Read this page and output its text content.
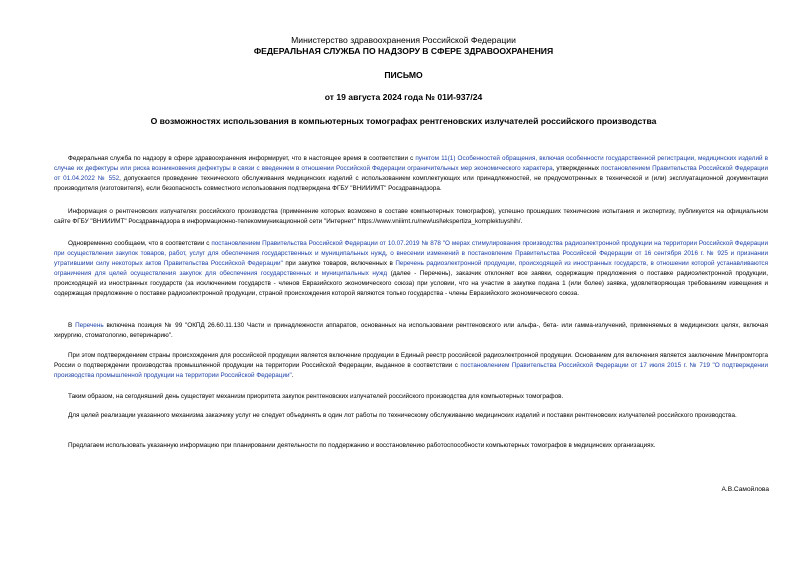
Министерство здравоохранения Российской Федерации
ФЕДЕРАЛЬНАЯ СЛУЖБА ПО НАДЗОРУ В СФЕРЕ ЗДРАВООХРАНЕНИЯ
ПИСЬМО
от 19 августа 2024 года № 01И-937/24
О возможностях использования в компьютерных томографах рентгеновских излучателей российского производства
Федеральная служба по надзору в сфере здравоохранения информирует, что в настоящее время в соответствии с пунктом 11(1) Особенностей обращения, включая особенности государственной регистрации, медицинских изделий в случае их дефектуры или риска возникновения дефектуры в связи с введением в отношении Российской Федерации ограничительных мер экономического характера, утвержденных постановлением Правительства Российской Федерации от 01.04.2022 № 552, допускается проведение технического обслуживания медицинских изделий с использованием комплектующих или принадлежностей, не предусмотренных в технической и (или) эксплуатационной документации производителя (изготовителя), если безопасность совместного использования подтверждена ФГБУ "ВНИИИМТ" Росздравнадзора.
Информация о рентгеновских излучателях российского производства (применение которых возможно в составе компьютерных томографов), успешно прошедших технические испытания и экспертизу, публикуется на официальном сайте ФГБУ "ВНИИИМТ" Росздравнадзора в информационно-телекоммуникационной сети "Интернет" https://www.vniiimt.ru/new\usl\ekspertiza_komplektuyshih/.
Одновременно сообщаем, что в соответствии с постановлением Правительства Российской Федерации от 10.07.2019 № 878 "О мерах стимулирования производства радиоэлектронной продукции на территории Российской Федерации при осуществлении закупок товаров, работ, услуг для обеспечения государственных и муниципальных нужд, о внесении изменений в постановление Правительства Российской Федерации от 16 сентября 2016 г. № 925 и признании утратившими силу некоторых актов Правительства Российской Федерации" при закупке товаров, включенных в Перечень радиоэлектронной продукции, происходящей из иностранных государств, в отношении которой устанавливаются ограничения для целей осуществления закупок для обеспечения государственных и муниципальных нужд (далее - Перечень), заказчик отклоняет все заявки, содержащие предложения о поставке радиоэлектронной продукции, происходящей из иностранных государств (за исключением государств - членов Евразийского экономического союза) при условии, что на участие в закупке подана 1 (или более) заявка, удовлетворяющая требованиям извещения и содержащая предложение о поставке радиоэлектронной продукции, страной происхождения которой являются только государства - члены Евразийского экономического союза.
В Перечень включена позиция № 99 "ОКПД 26.60.11.130 Части и принадлежности аппаратов, основанных на использовании рентгеновского или альфа-, бета- или гамма-излучений, применяемых в медицинских целях, включая хирургию, стоматологию, ветеринарию".
При этом подтверждением страны происхождения для российской продукции является включение продукции в Единый реестр российской радиоэлектронной продукции. Основанием для включения является заключение Минпромторга России о подтверждении производства промышленной продукции на территории Российской Федерации, выданное в соответствии с постановлением Правительства Российской Федерации от 17 июля 2015 г. № 719 "О подтверждении производства промышленной продукции на территории Российской Федерации".
Таким образом, на сегодняшний день существует механизм приоритета закупок рентгеновских излучателей российского производства для компьютерных томографов.
Для целей реализации указанного механизма заказчику услуг не следует объединять в один лот работы по техническому обслуживанию медицинских изделий и поставки рентгеновских излучателей российского производства.
Предлагаем использовать указанную информацию при планировании деятельности по поддержанию и восстановлению работоспособности компьютерных томографов в медицинских организациях.
А.В.Самойлова
